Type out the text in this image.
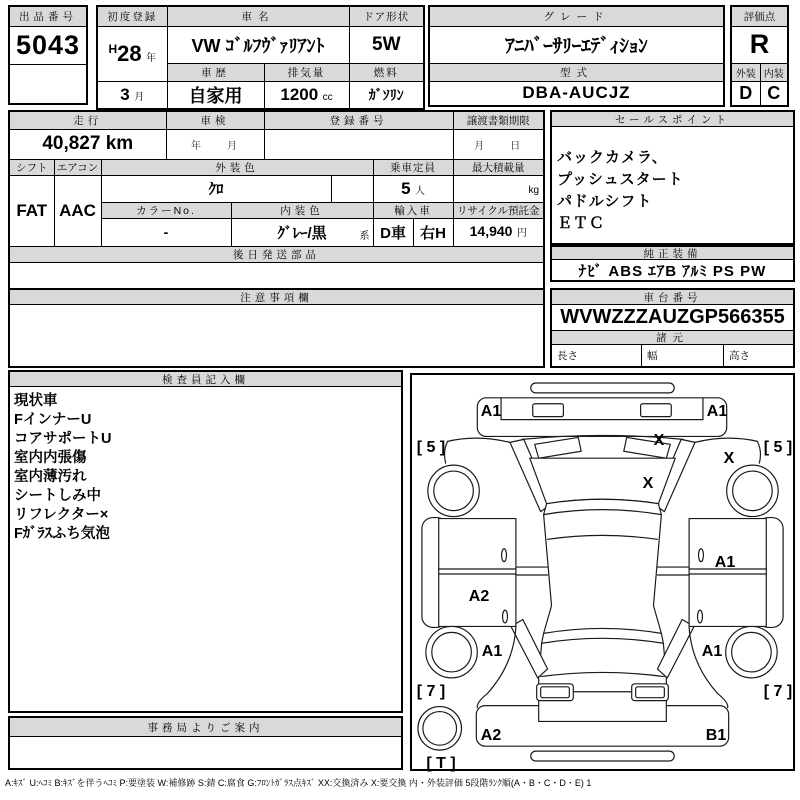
出品番号
5043
初度登録	車名		ドア形状
$^H$28 年	VW ｺﾞﾙﾌｳﾞｧﾘｱﾝﾄ		5W
	車歴	排気量	燃料
3 月	自家用	1200 cc	ｶﾞｿﾘﾝ
グレード
ｱﾆﾊﾞｰｻﾘｰｴﾃﾞｨｼｮﾝ
型式
DBA-AUCJZ
評価点	
R	
外装	内装
D	C
走行			車検		登録番号				譲渡書類期限
40,827 km			年　　月						月　　日
シフト	エアコン	外装色					乗車定員		最大積載量
FAT	AAC	ｸﾛ					5 人		kg
		カラーNo.		内装色			輸入車		リサイクル預託金
		-		ｸﾞﾚｰ/黒 系			D車	右H	14,940 円
後日発送部品									

セールスポイント
バックカメラ、
プッシュスタート
パドルシフト
ＥＴＣ
純正装備
ﾅﾋﾞ ABS ｴｱB ｱﾙﾐ PS PW
注意事項欄	車台番号
WVWZZZAUZGP566355
諸元
長さ	幅	高さ
検査員記入欄
現状車
FインナーU
コアサポートU
室内内張傷
室内薄汚れ
シートしみ中
リフレクター×
Fｶﾞﾗｽふち気泡
事務局よりご案内
A1	A1
[ 5 ]	[ 5 ]
X
X
X
A1
A2
A1	A1
[ 7 ]	[ 7 ]
A2	B1
[ T ]
A:ｷｽﾞ U:ﾍｺﾐ B:ｷｽﾞを伴うﾍｺﾐ P:要塗装 W:補修跡 S:錆 C:腐食 G:ﾌﾛﾝﾄｶﾞﾗｽ点ｷｽﾞ XX:交換済み X:要交換 内・外装評価 5段階ﾗﾝｸ順(A・B・C・D・E) 1
